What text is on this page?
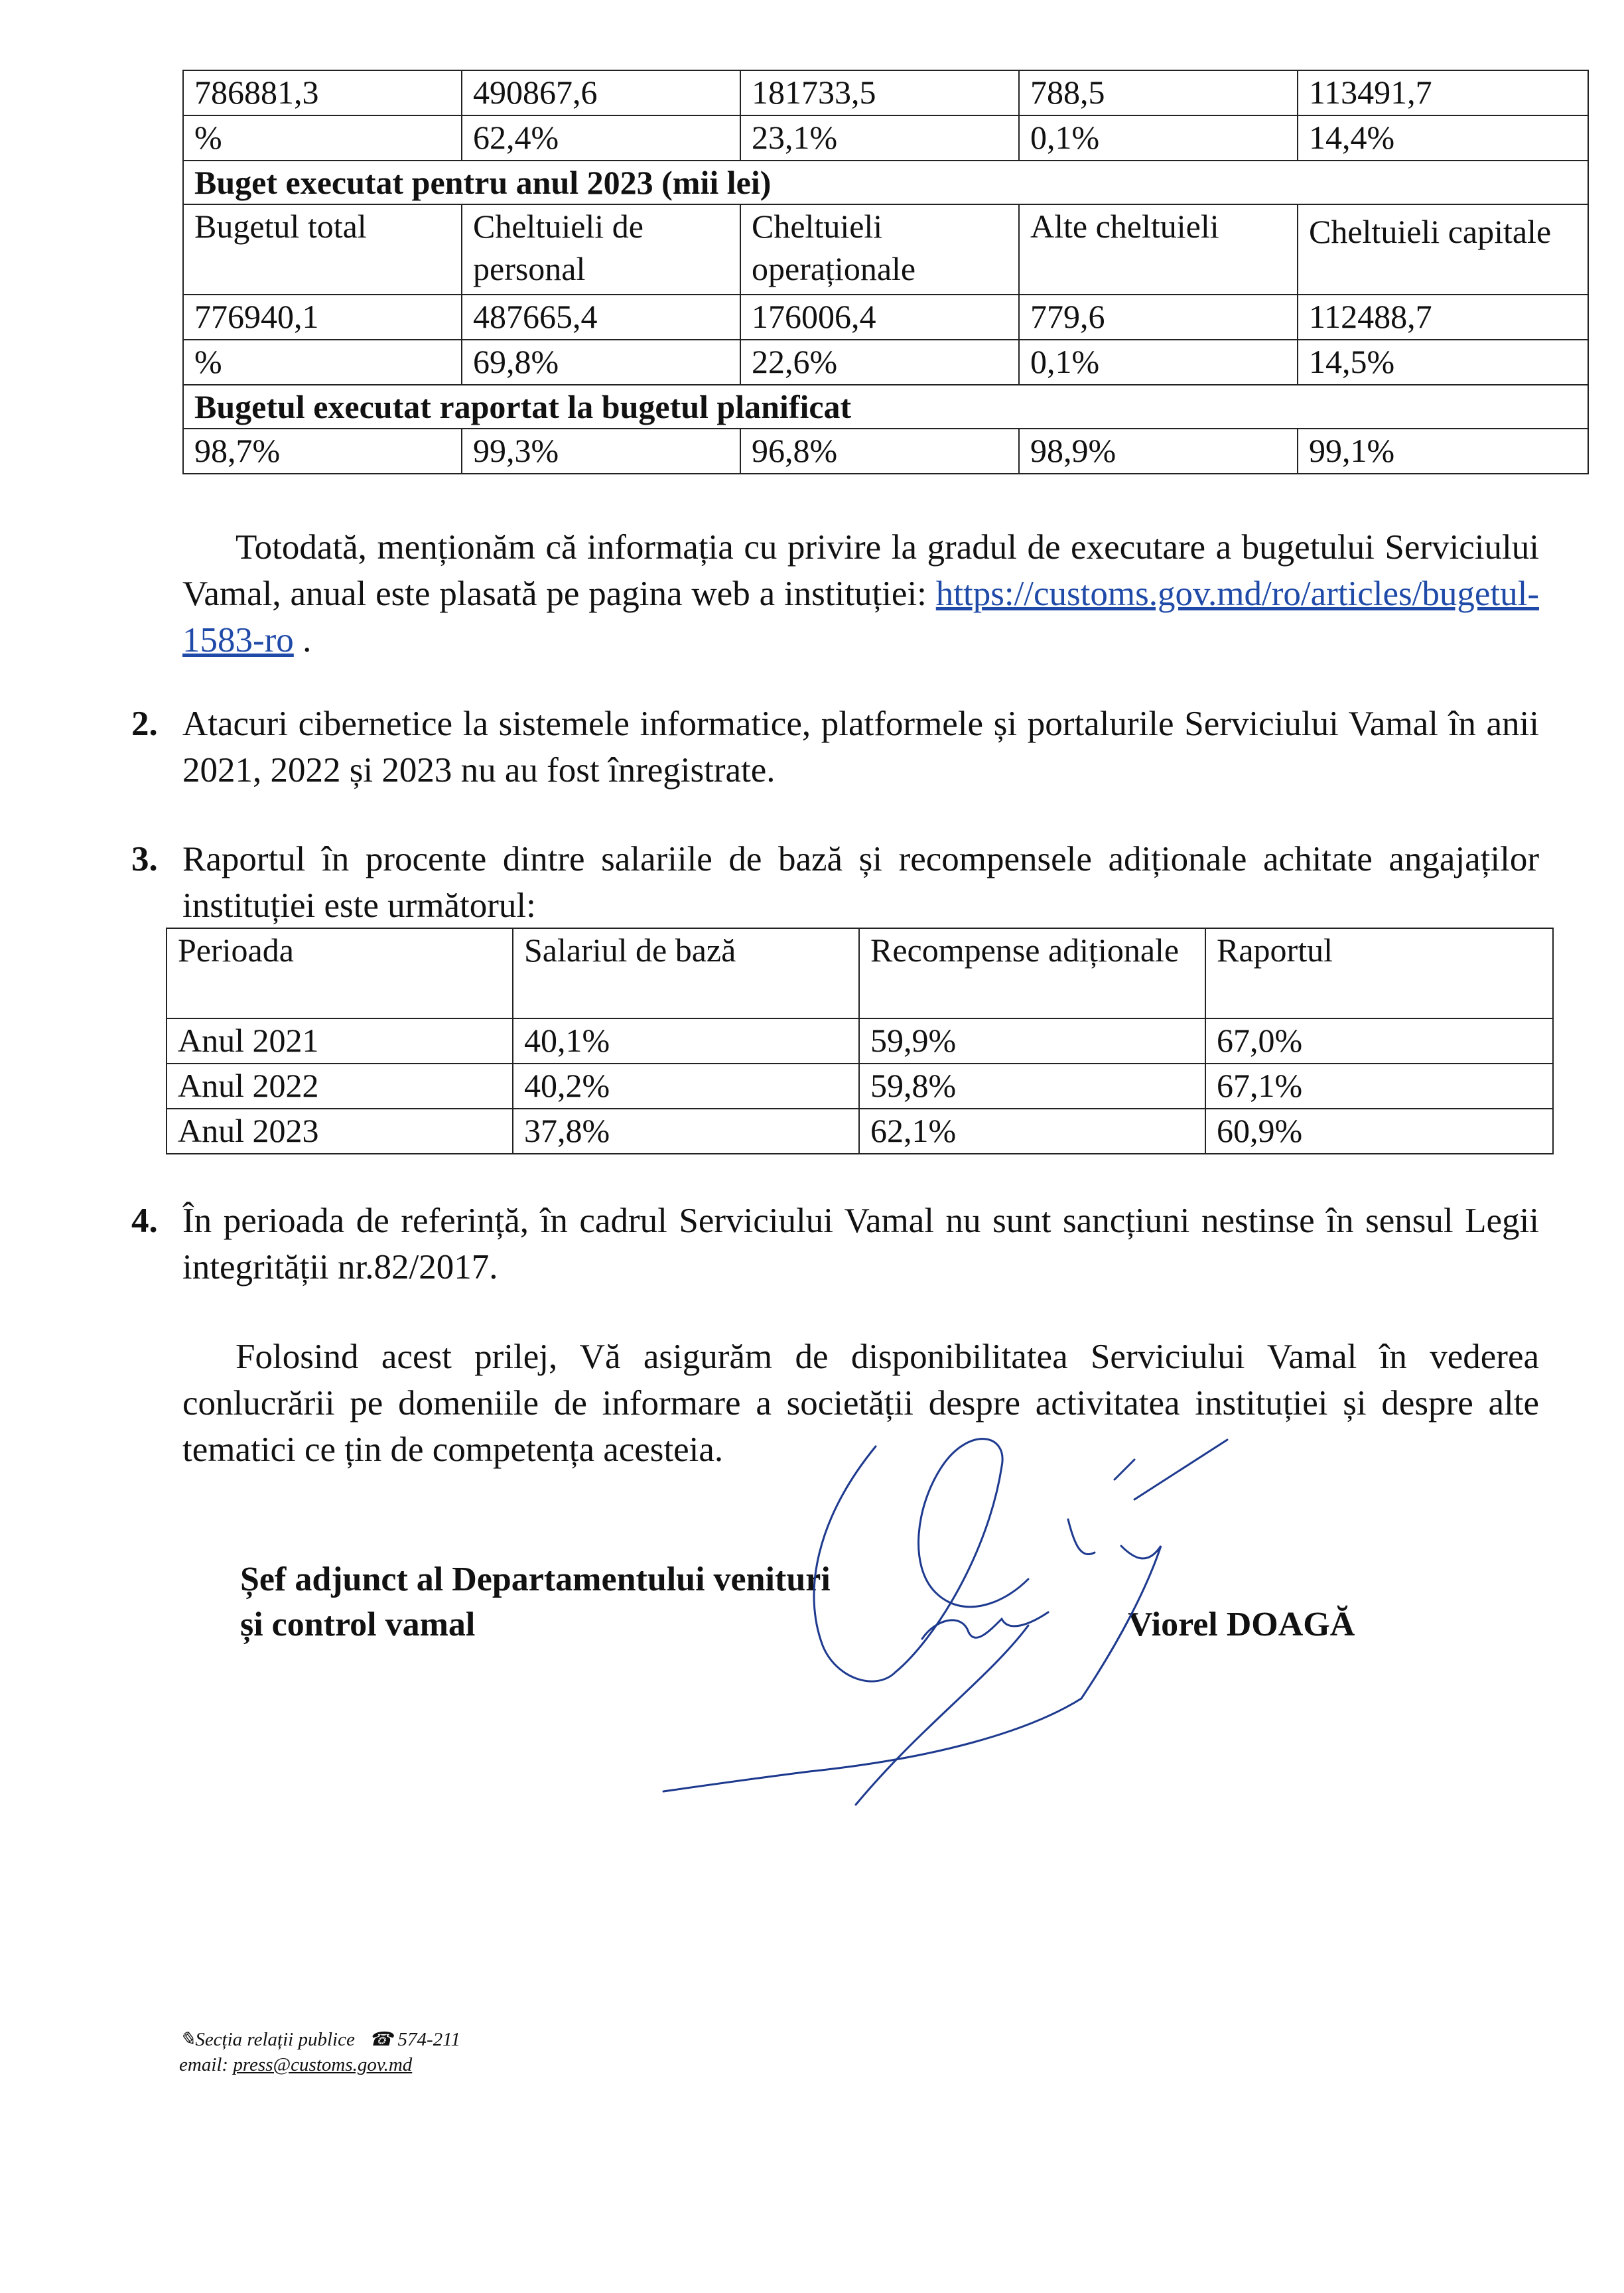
786881,3	490867,6	181733,5	788,5	113491,7
%	62,4%	23,1%	0,1%	14,4%
Buget executat pentru anul 2023 (mii lei)				
Bugetul total	Cheltuieli de personal	Cheltuieli operaționale	Alte cheltuieli	Cheltuieli capitale
776940,1	487665,4	176006,4	779,6	112488,7
%	69,8%	22,6%	0,1%	14,5%
Bugetul executat raportat la bugetul planificat				
98,7%	99,3%	96,8%	98,9%	99,1%
Totodată, menționăm că informația cu privire la gradul de executare a bugetului Serviciului Vamal, anual este plasată pe pagina web a instituției: https://customs.gov.md/ro/articles/bugetul-1583-ro .
2. Atacuri cibernetice la sistemele informatice, platformele și portalurile Serviciului Vamal în anii 2021, 2022 și 2023 nu au fost înregistrate.
3. Raportul în procente dintre salariile de bază și recompensele adiționale achitate angajaților instituției este următorul:
Perioada	Salariul de bază	Recompense adiționale	Raportul
Anul 2021	40,1%	59,9%	67,0%
Anul 2022	40,2%	59,8%	67,1%
Anul 2023	37,8%	62,1%	60,9%
4. În perioada de referință, în cadrul Serviciului Vamal nu sunt sancțiuni nestinse în sensul Legii integrității nr.82/2017.
Folosind acest prilej, Vă asigurăm de disponibilitatea Serviciului Vamal în vederea conlucrării pe domeniile de informare a societății despre activitatea instituției și despre alte tematici ce țin de competența acesteia.
Șef adjunct al Departamentului venituri
și control vamal	Viorel DOAGĂ
✎Secția relații publice ☎ 574-211
email: press@customs.gov.md
